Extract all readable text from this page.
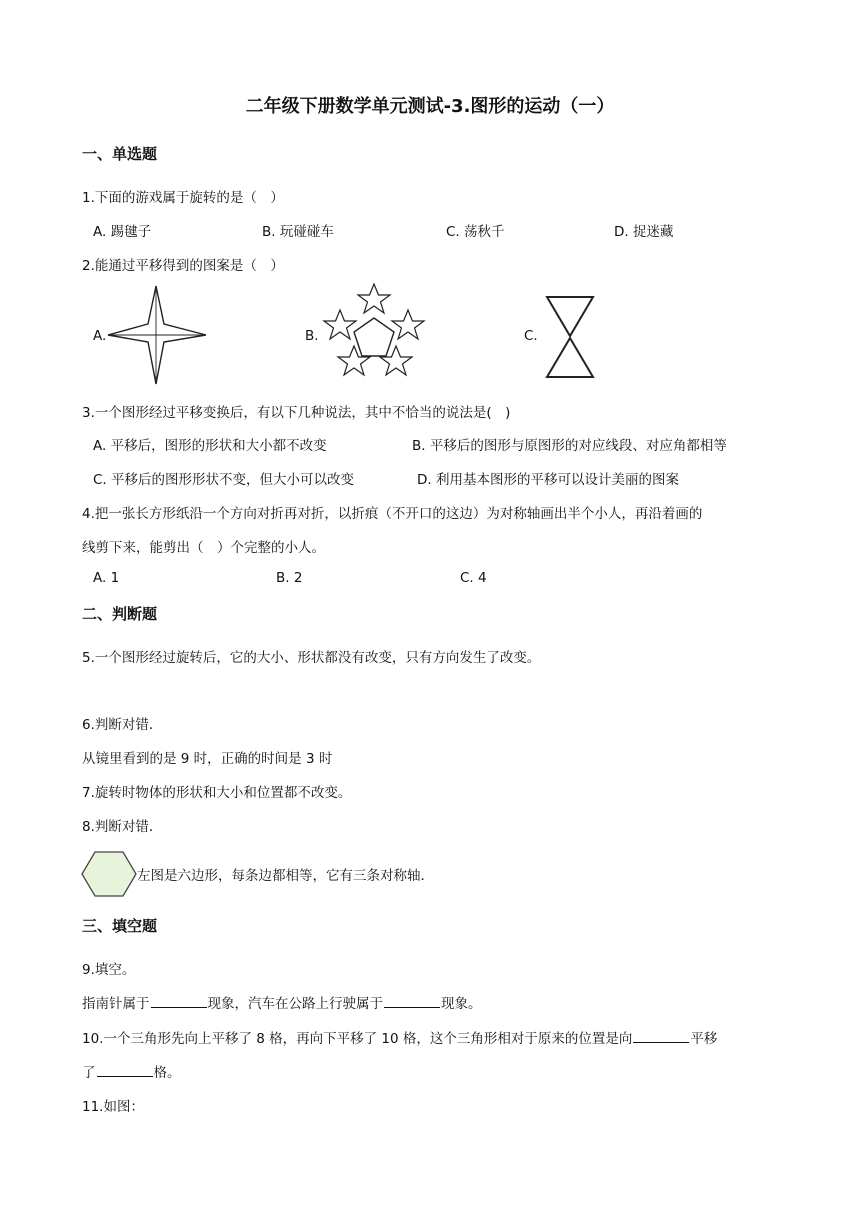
二年级下册数学单元测试-3.图形的运动（一）
一、单选题
1.下面的游戏属于旋转的是（　）
A. 踢毽子	B. 玩碰碰车	C. 荡秋千	D. 捉迷藏
2.能通过平移得到的图案是（　）
A.	B.	C.
3.一个图形经过平移变换后，有以下几种说法，其中不恰当的说法是(　)
A. 平移后，图形的形状和大小都不改变	B. 平移后的图形与原图形的对应线段、对应角都相等
C. 平移后的图形形状不变，但大小可以改变	D. 利用基本图形的平移可以设计美丽的图案
4.把一张长方形纸沿一个方向对折再对折，以折痕（不开口的这边）为对称轴画出半个小人，再沿着画的
线剪下来，能剪出（　）个完整的小人。
A. 1	B. 2	C. 4
二、判断题
5.一个图形经过旋转后，它的大小、形状都没有改变，只有方向发生了改变。
6.判断对错．
从镜里看到的是 9 时，正确的时间是 3 时
7.旋转时物体的形状和大小和位置都不改变。
8.判断对错．
左图是六边形，每条边都相等，它有三条对称轴．
三、填空题
9.填空。
指南针属于	现象，汽车在公路上行驶属于	现象。
10.一个三角形先向上平移了 8 格，再向下平移了 10 格，这个三角形相对于原来的位置是向	平移
了	格。
11.如图：
